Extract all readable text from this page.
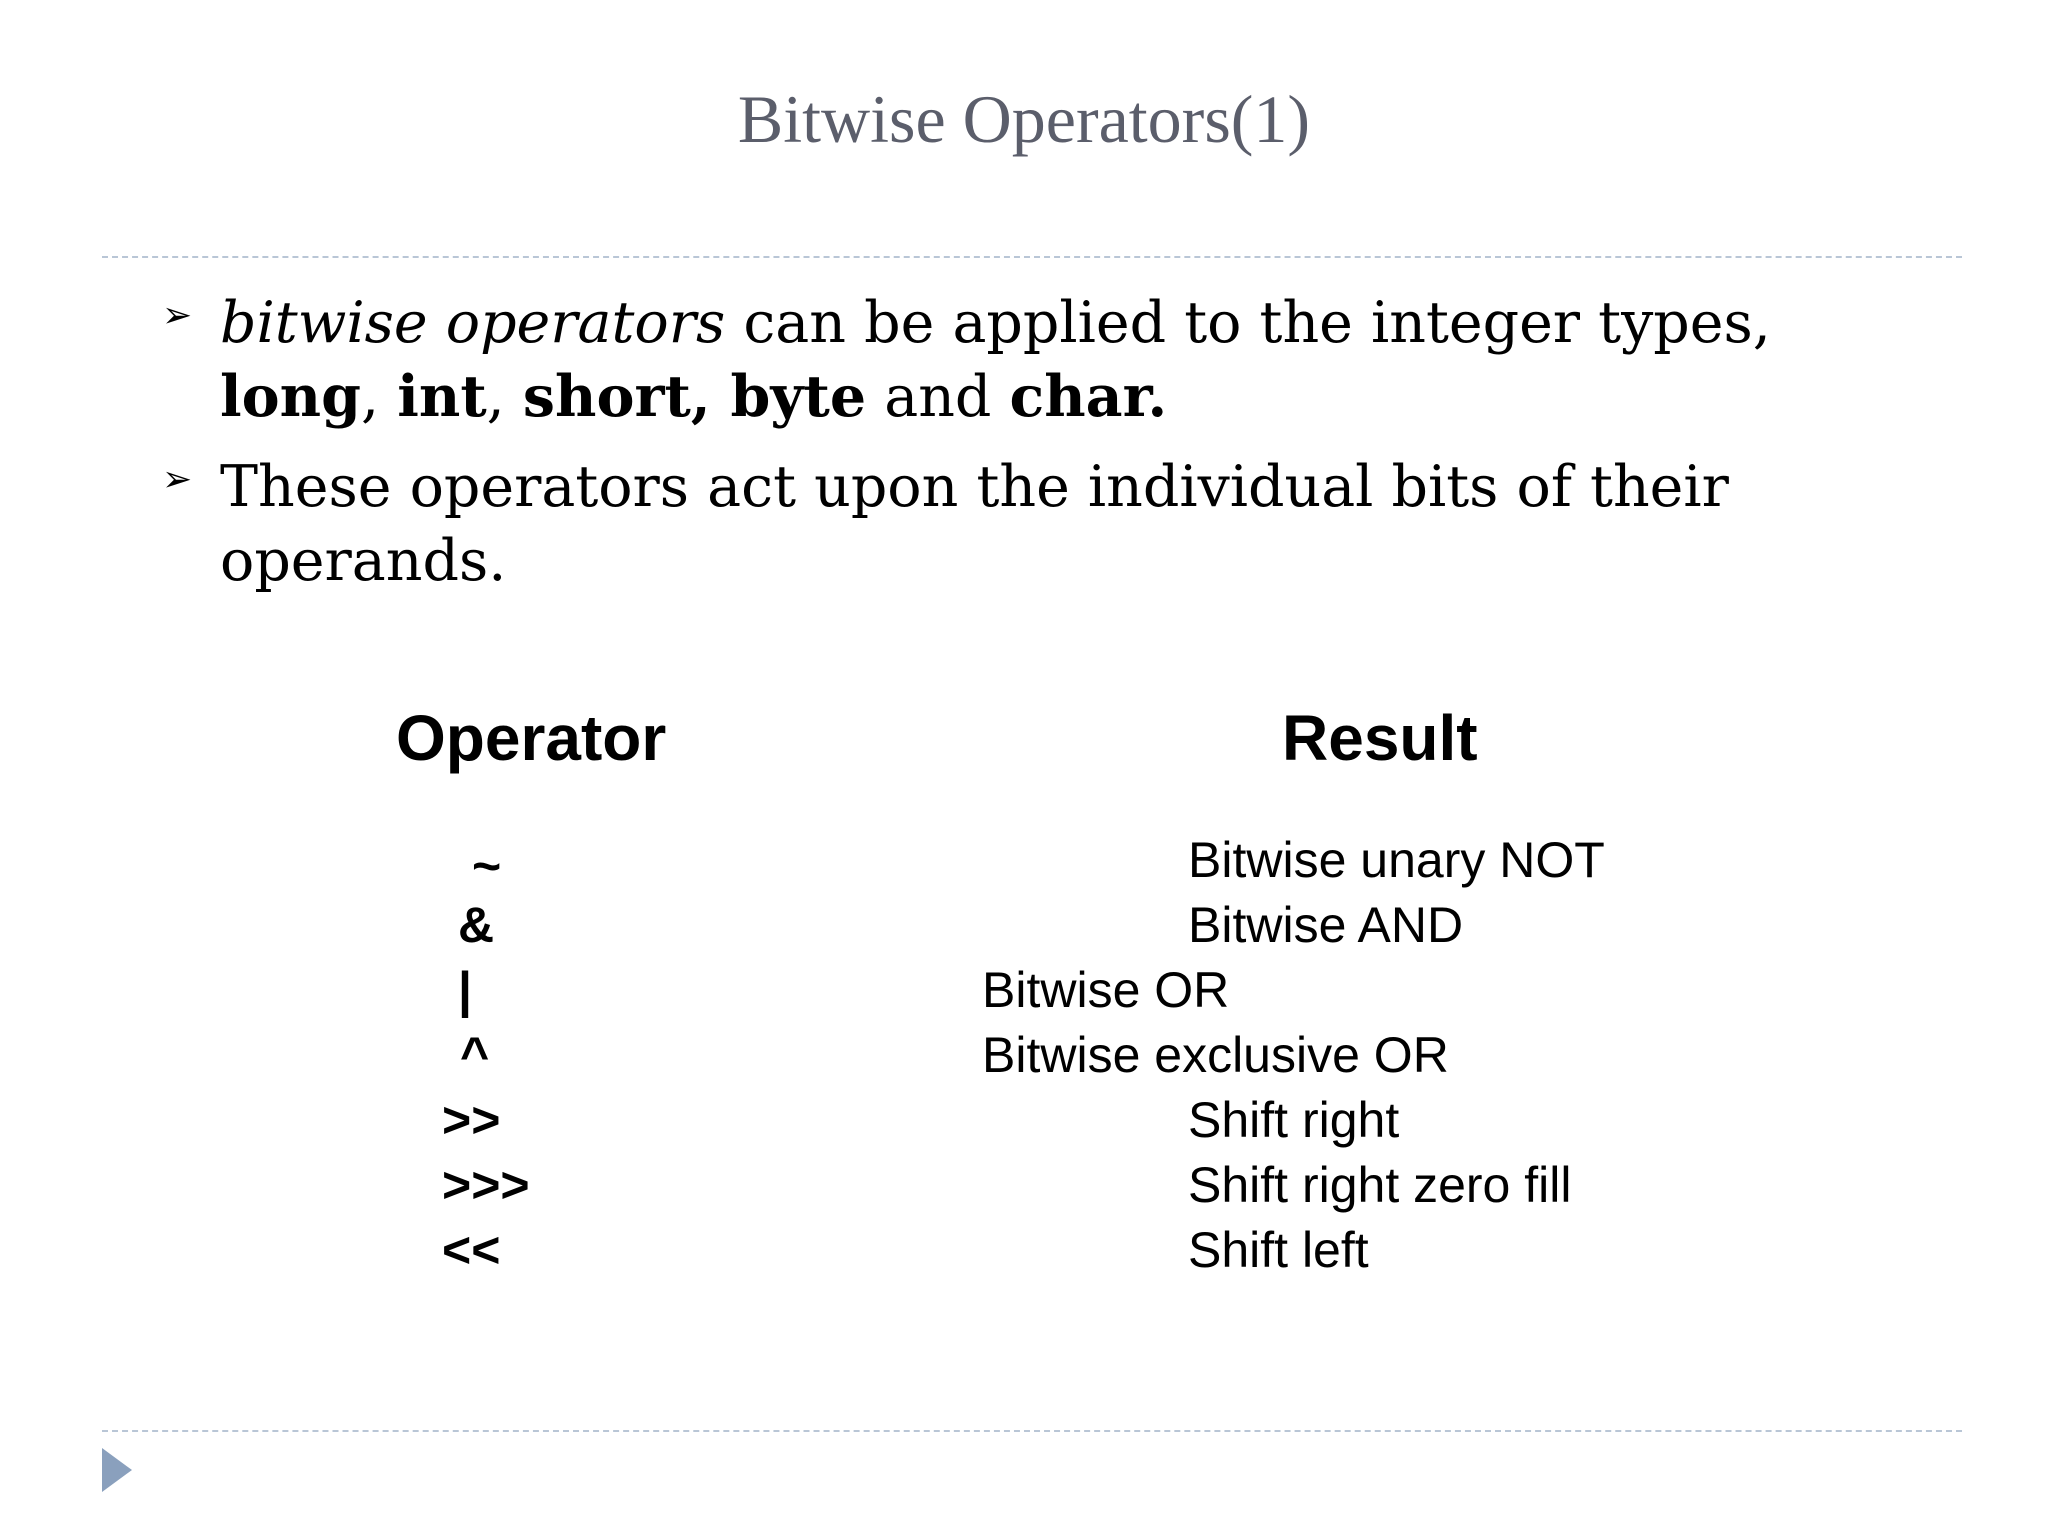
Bitwise Operators(1)
➢ bitwise operators can be applied to the integer types,
long, int, short, byte and char.
➢ These operators act upon the individual bits of their
operands.
Operator	Result
~	Bitwise unary NOT
&	Bitwise AND
|	Bitwise OR
^	Bitwise exclusive OR
>>	Shift right
>>>	Shift right zero fill
<<	Shift left
